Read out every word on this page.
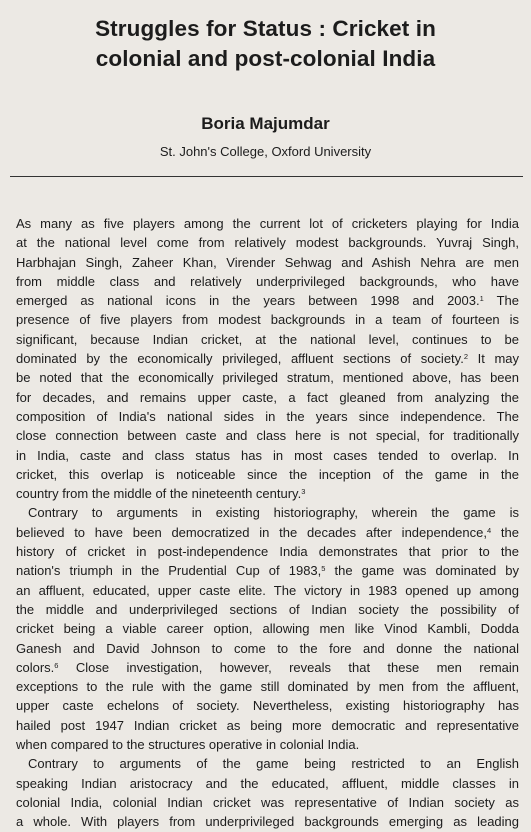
Struggles for Status : Cricket in
colonial and post-colonial India
Boria Majumdar
St. John's College, Oxford University
As many as five players among the current lot of cricketers playing for India
at the national level come from relatively modest backgrounds. Yuvraj Singh,
Harbhajan Singh, Zaheer Khan, Virender Sehwag and Ashish Nehra are men
from middle class and relatively underprivileged backgrounds, who have
emerged as national icons in the years between 1998 and 2003.$^1$ The
presence of five players from modest backgrounds in a team of fourteen is
significant, because Indian cricket, at the national level, continues to be
dominated by the economically privileged, affluent sections of society.$^2$ It may
be noted that the economically privileged stratum, mentioned above, has been
for decades, and remains upper caste, a fact gleaned from analyzing the
composition of India's national sides in the years since independence. The
close connection between caste and class here is not special, for traditionally
in India, caste and class status has in most cases tended to overlap. In
cricket, this overlap is noticeable since the inception of the game in the
country from the middle of the nineteenth century.$^3$
Contrary to arguments in existing historiography, wherein the game is
believed to have been democratized in the decades after independence,$^4$ the
history of cricket in post-independence India demonstrates that prior to the
nation's triumph in the Prudential Cup of 1983,$^5$ the game was dominated by
an affluent, educated, upper caste elite. The victory in 1983 opened up among
the middle and underprivileged sections of Indian society the possibility of
cricket being a viable career option, allowing men like Vinod Kambli, Dodda
Ganesh and David Johnson to come to the fore and donne the national
colors.$^6$ Close investigation, however, reveals that these men remain
exceptions to the rule with the game still dominated by men from the affluent,
upper caste echelons of society. Nevertheless, existing historiography has
hailed post 1947 Indian cricket as being more democratic and representative
when compared to the structures operative in colonial India.
Contrary to arguments of the game being restricted to an English
speaking Indian aristocracy and the educated, affluent, middle classes in
colonial India, colonial Indian cricket was representative of Indian society as
a whole. With players from underprivileged backgrounds emerging as leading
